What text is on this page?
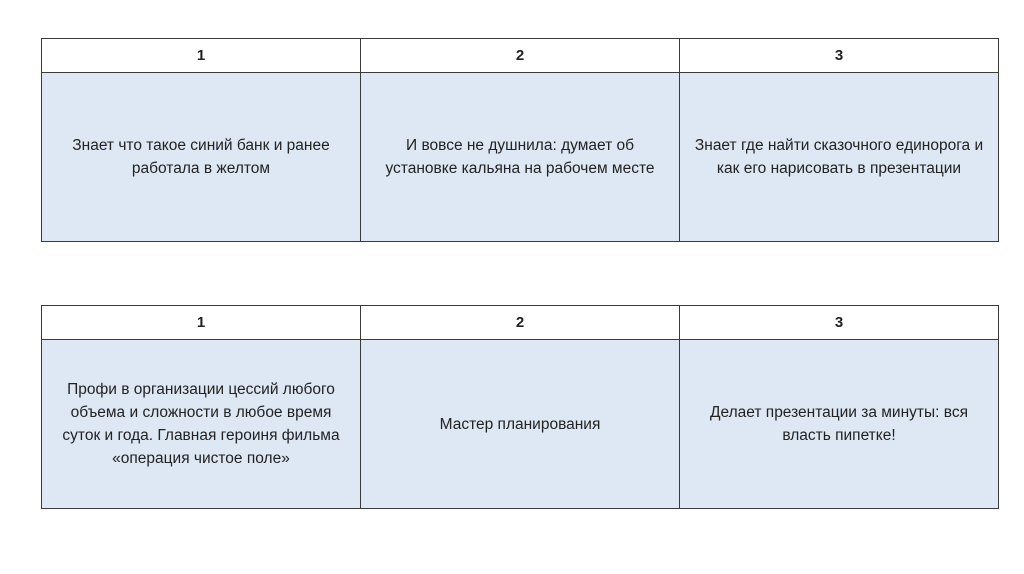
1	2	3
Знает что такое синий банк и ранее работала в желтом	И вовсе не душнила: думает об установке кальяна на рабочем месте	Знает где найти сказочного единорога и как его нарисовать в презентации
1	2	3
Профи в организации цессий любого объема и сложности в любое время суток и года. Главная героиня фильма «операция чистое поле»	Мастер планирования	Делает презентации за минуты: вся власть пипетке!
